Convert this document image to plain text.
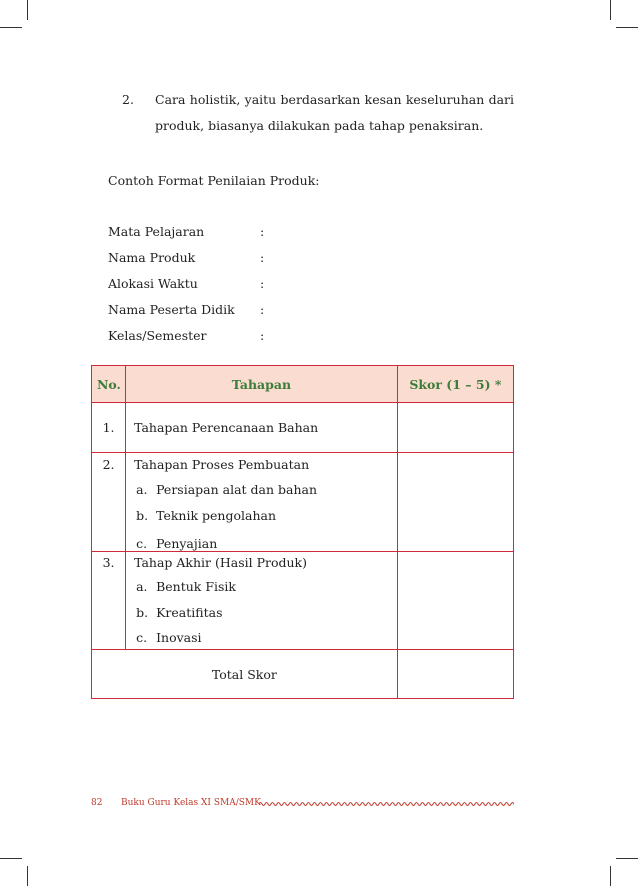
2. Cara holistik, yaitu berdasarkan kesan keseluruhan dari
produk, biasanya dilakukan pada tahap penaksiran.
Contoh Format Penilaian Produk:
Mata Pelajaran	:
Nama Produk	:
Alokasi Waktu	:
Nama Peserta Didik :
Kelas/Semester	:
No.	Tahapan	Skor (1 – 5) *

1.	Tahapan Perencanaan Bahan	

2.	Tahapan Proses Pembuatan
a. Persiapan alat dan bahan
b. Teknik pengolahan
c. Penyajian	

3.	Tahap Akhir (Hasil Produk)
a. Bentuk Fisik
b. Kreatifitas
c. Inovasi	

Total Skor		
82 Buku Guru Kelas XI SMA/SMK
